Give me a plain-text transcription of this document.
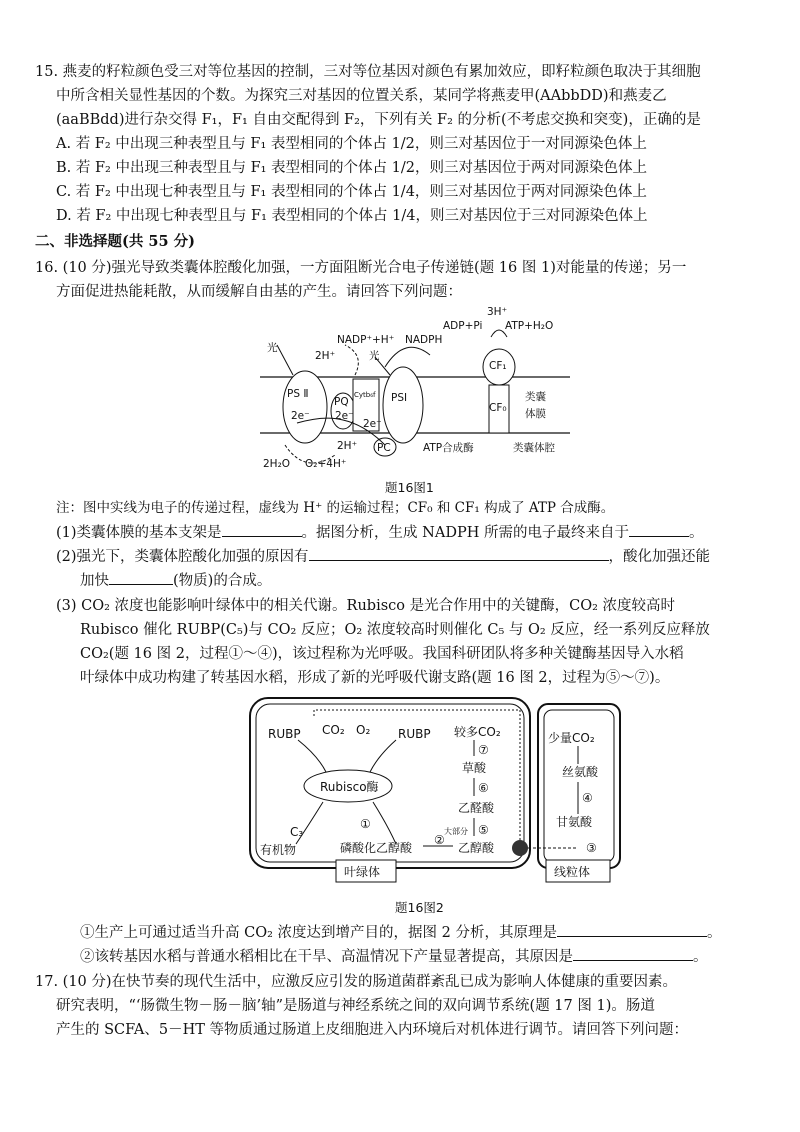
15. 燕麦的籽粒颜色受三对等位基因的控制，三对等位基因对颜色有累加效应，即籽粒颜色取决于其细胞
中所含相关显性基因的个数。为探究三对基因的位置关系，某同学将燕麦甲(AAbbDD)和燕麦乙
(aaBBdd)进行杂交得 F₁，F₁ 自由交配得到 F₂，下列有关 F₂ 的分析(不考虑交换和突变)，正确的是
A. 若 F₂ 中出现三种表型且与 F₁ 表型相同的个体占 1/2，则三对基因位于一对同源染色体上
B. 若 F₂ 中出现三种表型且与 F₁ 表型相同的个体占 1/2，则三对基因位于两对同源染色体上
C. 若 F₂ 中出现七种表型且与 F₁ 表型相同的个体占 1/4，则三对基因位于两对同源染色体上
D. 若 F₂ 中出现七种表型且与 F₁ 表型相同的个体占 1/4，则三对基因位于三对同源染色体上
二、非选择题(共 55 分)
16. (10 分)强光导致类囊体腔酸化加强，一方面阻断光合电子传递链(题 16 图 1)对能量的传递；另一
方面促进热能耗散，从而缓解自由基的产生。请回答下列问题：
3H⁺
ADP+Pi ATP+H₂O
NADP⁺+H⁺ NADPH
光
光
2H⁺
PS Ⅱ
PQ
Cytb₆f PSⅠ
CF₁
CF₀
2e⁻ 2e⁻
2e⁻
类囊
体膜
2H⁺ PC	ATP合成酶	类囊体腔
2H₂O O₂+4H⁺
题16图1
注：图中实线为电子的传递过程，虚线为 H⁺ 的运输过程；CF₀ 和 CF₁ 构成了 ATP 合成酶。
(1)类囊体膜的基本支架是	。据图分析，生成 NADPH 所需的电子最终来自于	。
(2)强光下，类囊体腔酸化加强的原因有	，酸化加强还能
加快	(物质)的合成。
(3) CO₂ 浓度也能影响叶绿体中的相关代谢。Rubisco 是光合作用中的关键酶，CO₂ 浓度较高时
Rubisco 催化 RUBP(C₅)与 CO₂ 反应；O₂ 浓度较高时则催化 C₅ 与 O₂ 反应，经一系列反应释放
CO₂(题 16 图 2，过程①～④)，该过程称为光呼吸。我国科研团队将多种关键酶基因导入水稻
叶绿体中成功构建了转基因水稻，形成了新的光呼吸代谢支路(题 16 图 2，过程为⑤～⑦)。
CO₂ O₂
RUBP	RUBP
Rubisco酶
C₃
有机物
①
磷酸化乙醇酸
②
乙醇酸
大部分 ⑤
乙醛酸
⑥
草酸
⑦
较多CO₂
叶绿体
少量CO₂
丝氨酸
④
甘氨酸
③
线粒体
题16图2
①生产上可通过适当升高 CO₂ 浓度达到增产目的，据图 2 分析，其原理是	。
②该转基因水稻与普通水稻相比在干旱、高温情况下产量显著提高，其原因是	。
17. (10 分)在快节奏的现代生活中，应激反应引发的肠道菌群紊乱已成为影响人体健康的重要因素。
研究表明，“‘肠微生物－肠－脑’轴”是肠道与神经系统之间的双向调节系统(题 17 图 1)。肠道
产生的 SCFA、5－HT 等物质通过肠道上皮细胞进入内环境后对机体进行调节。请回答下列问题：
